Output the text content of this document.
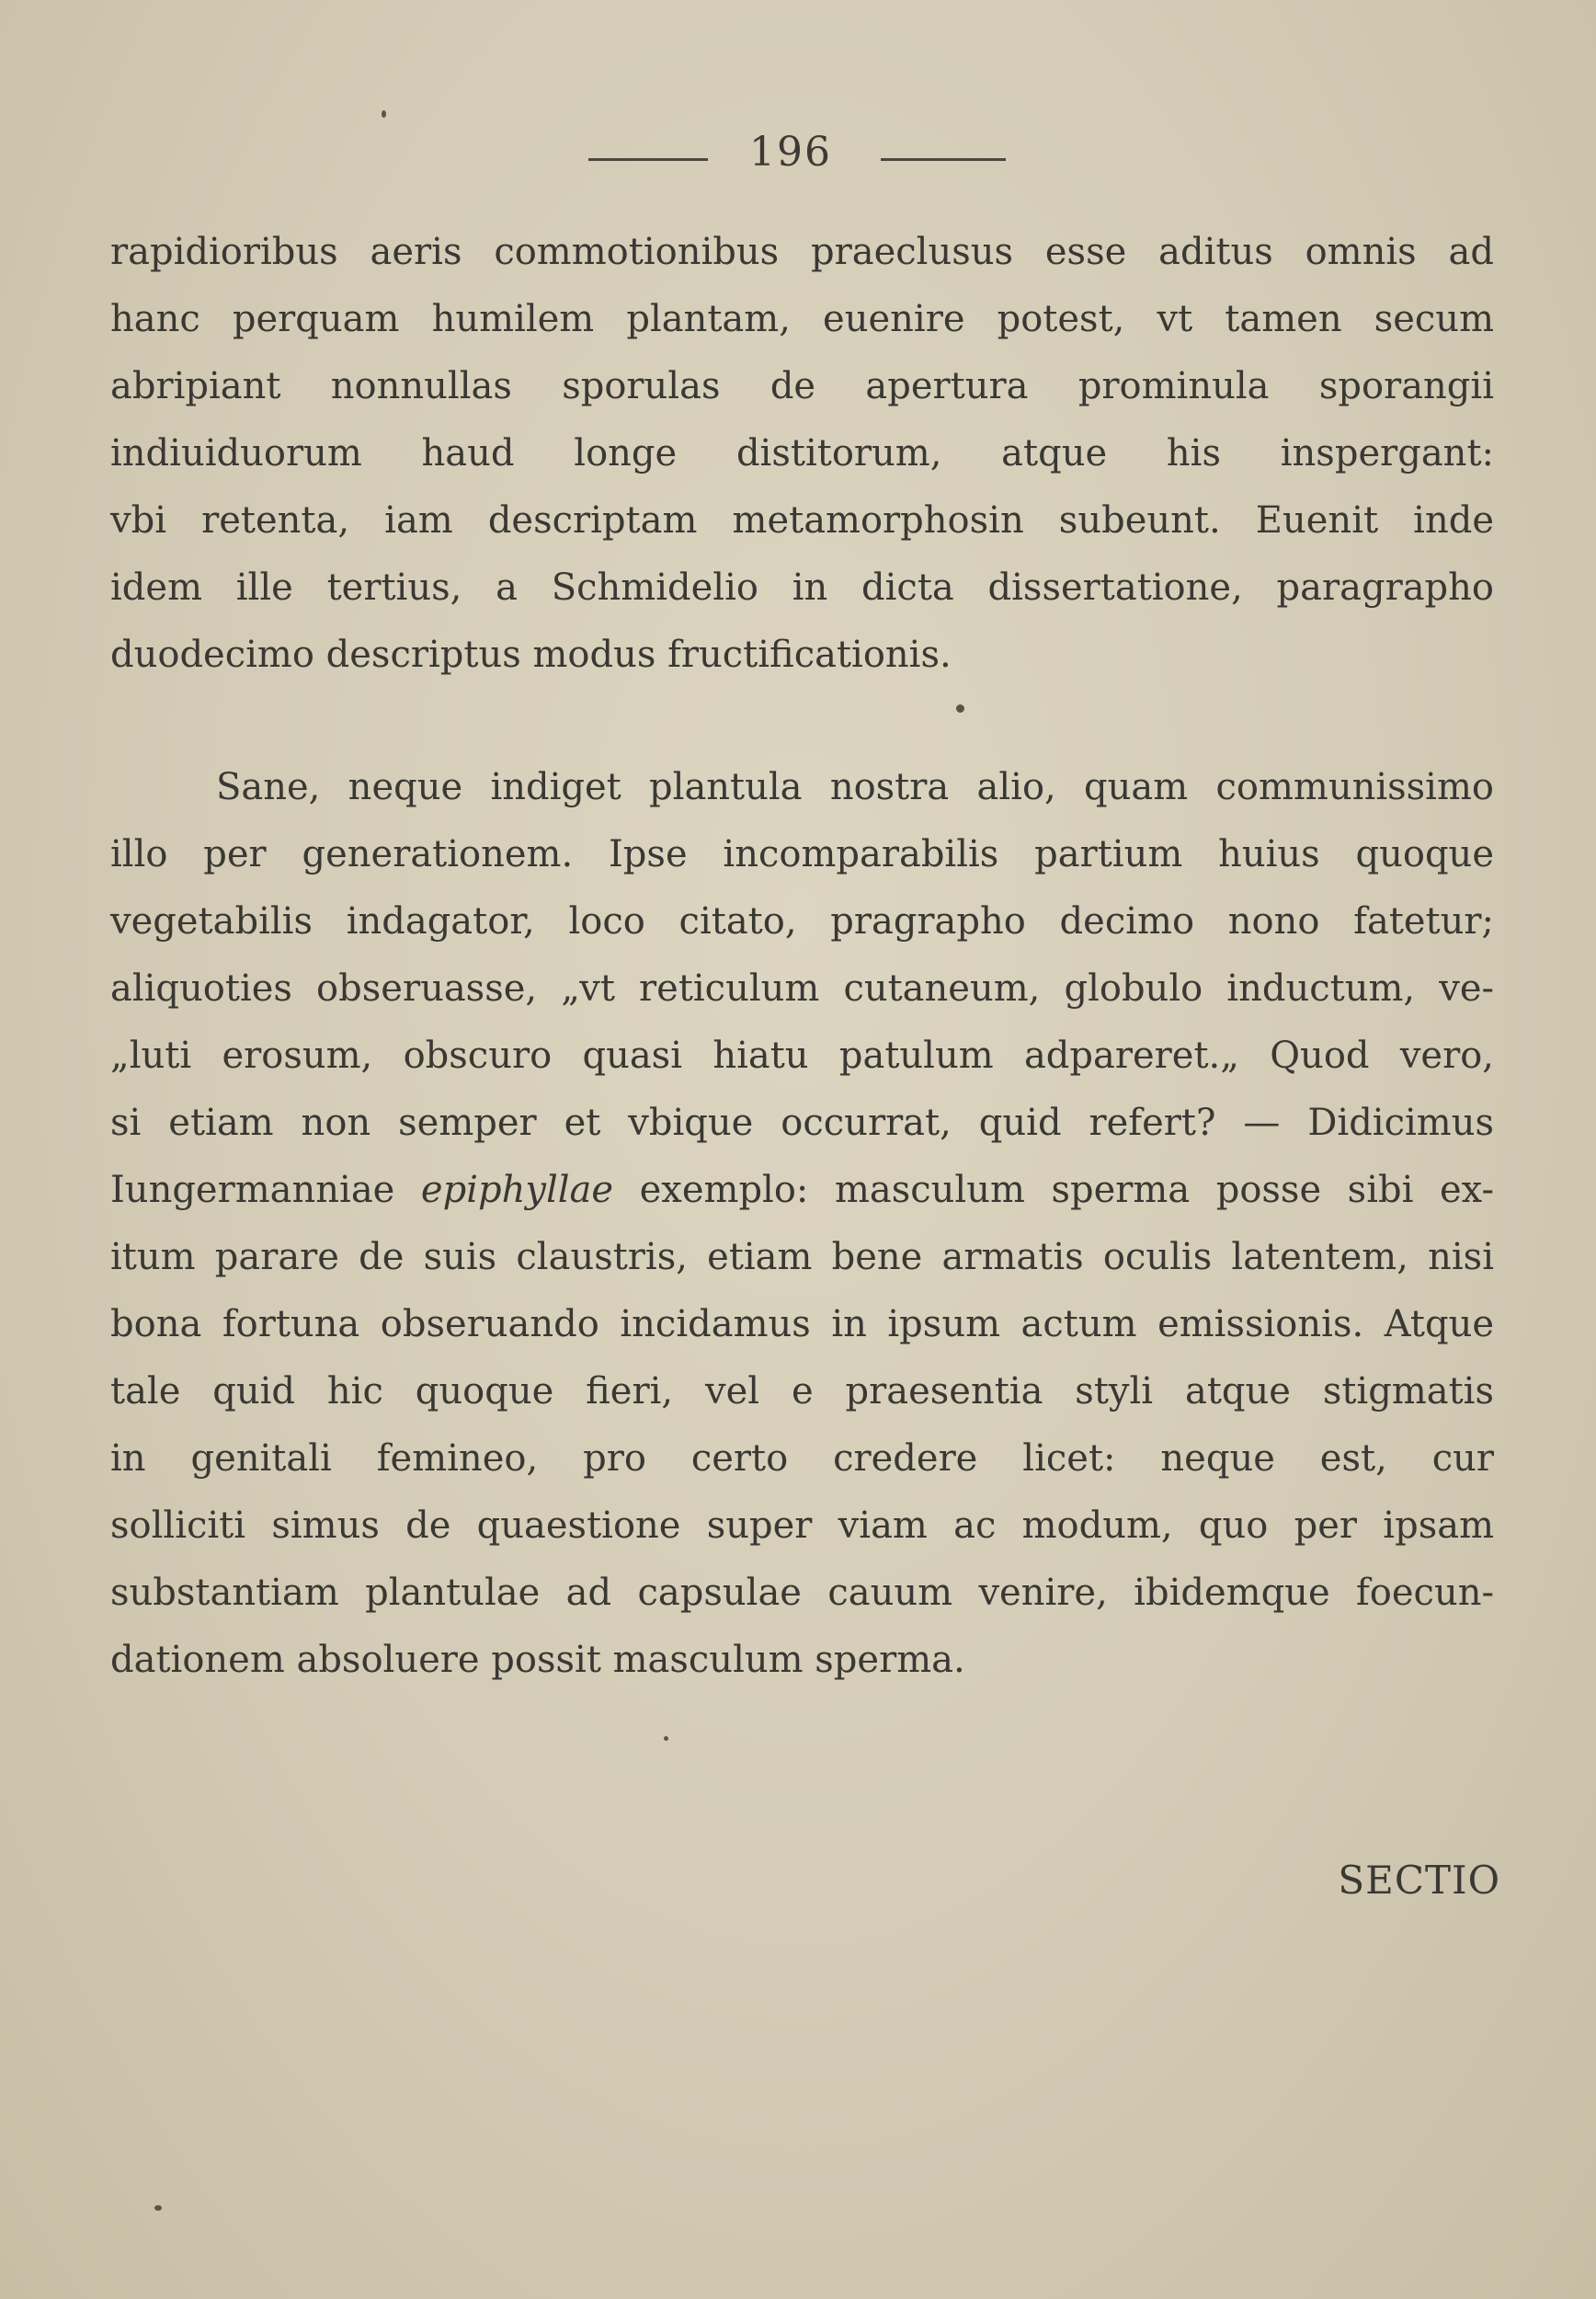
196
rapidioribus aeris commotionibus praeclusus esse aditus omnis ad
hanc perquam humilem plantam, euenire potest, vt tamen secum
abripiant nonnullas sporulas de apertura prominula sporangii
indiuiduorum haud longe distitorum, atque his inspergant:
vbi retenta, iam descriptam metamorphosin subeunt. Euenit inde
idem ille tertius, a Schmidelio in dicta dissertatione, paragrapho
duodecimo descriptus modus fructificationis.
Sane, neque indiget plantula nostra alio, quam communissimo
illo per generationem. Ipse incomparabilis partium huius quoque
vegetabilis indagator, loco citato, pragrapho decimo nono fatetur;
aliquoties obseruasse, „vt reticulum cutaneum, globulo inductum, ve-
„luti erosum, obscuro quasi hiatu patulum adpareret.„ Quod vero,
si etiam non semper et vbique occurrat, quid refert? — Didicimus
Iungermanniae epiphyllae exemplo: masculum sperma posse sibi ex-
itum parare de suis claustris, etiam bene armatis oculis latentem, nisi
bona fortuna obseruando incidamus in ipsum actum emissionis. Atque
tale quid hic quoque fieri, vel e praesentia styli atque stigmatis
in genitali femineo, pro certo credere licet: neque est, cur
solliciti simus de quaestione super viam ac modum, quo per ipsam
substantiam plantulae ad capsulae cauum venire, ibidemque foecun-
dationem absoluere possit masculum sperma.
SECTIO
